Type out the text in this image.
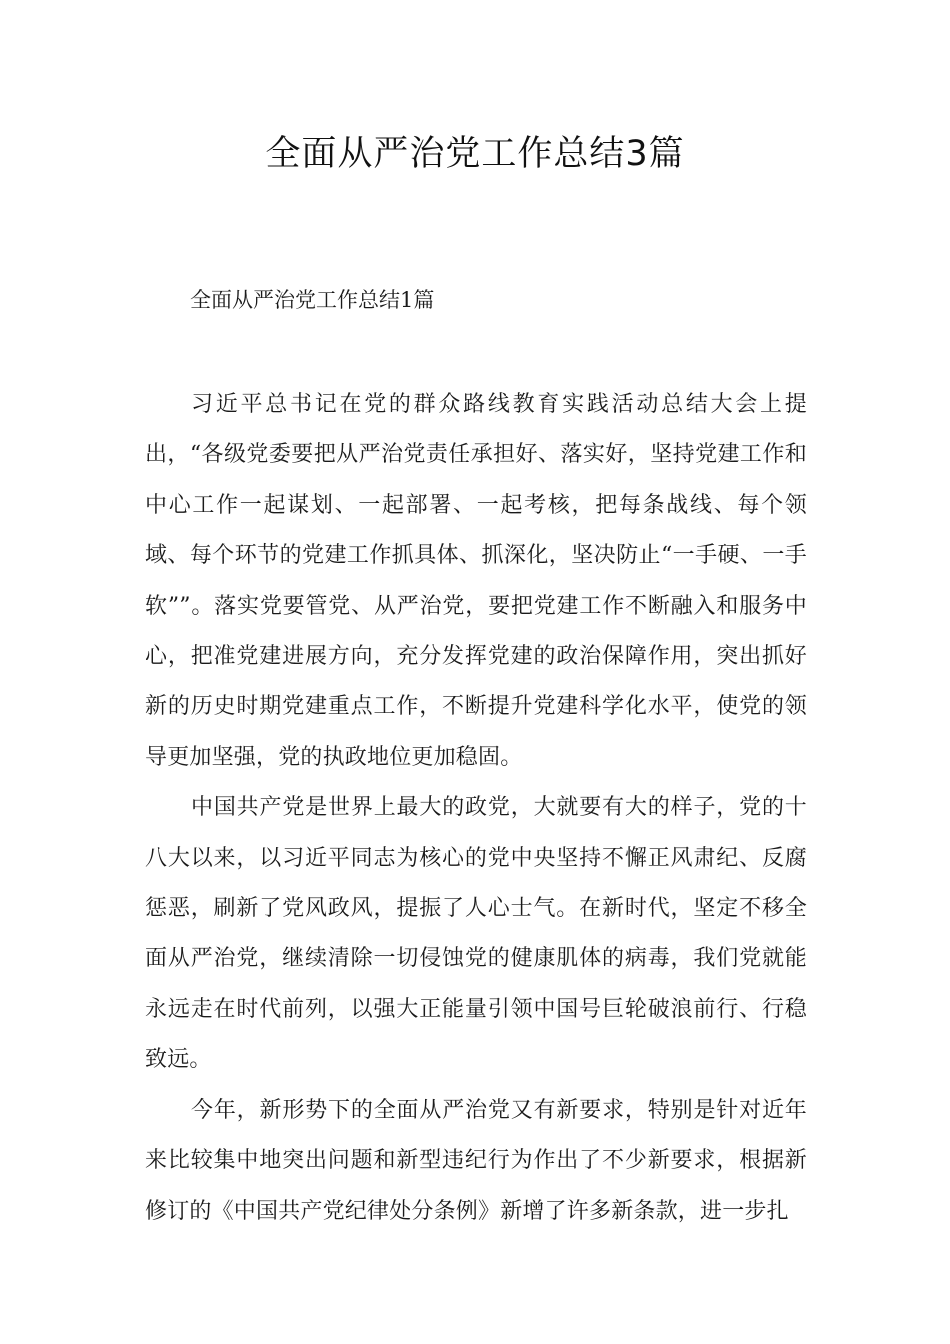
全面从严治党工作总结3篇
全面从严治党工作总结1篇

习近平总书记在党的群众路线教育实践活动总结大会上提出，“各级党委要把从严治党责任承担好、落实好，坚持党建工作和中心工作一起谋划、一起部署、一起考核，把每条战线、每个领域、每个环节的党建工作抓具体、抓深化，坚决防止“一手硬、一手软””。落实党要管党、从严治党，要把党建工作不断融入和服务中心，把准党建进展方向，充分发挥党建的政治保障作用，突出抓好新的历史时期党建重点工作，不断提升党建科学化水平，使党的领导更加坚强，党的执政地位更加稳固。

中国共产党是世界上最大的政党，大就要有大的样子，党的十八大以来，以习近平同志为核心的党中央坚持不懈正风肃纪、反腐惩恶，刷新了党风政风，提振了人心士气。在新时代，坚定不移全面从严治党，继续清除一切侵蚀党的健康肌体的病毒，我们党就能永远走在时代前列，以强大正能量引领中国号巨轮破浪前行、行稳致远。

今年，新形势下的全面从严治党又有新要求，特别是针对近年来比较集中地突出问题和新型违纪行为作出了不少新要求，根据新修订的《中国共产党纪律处分条例》新增了许多新条款，进一步扎
